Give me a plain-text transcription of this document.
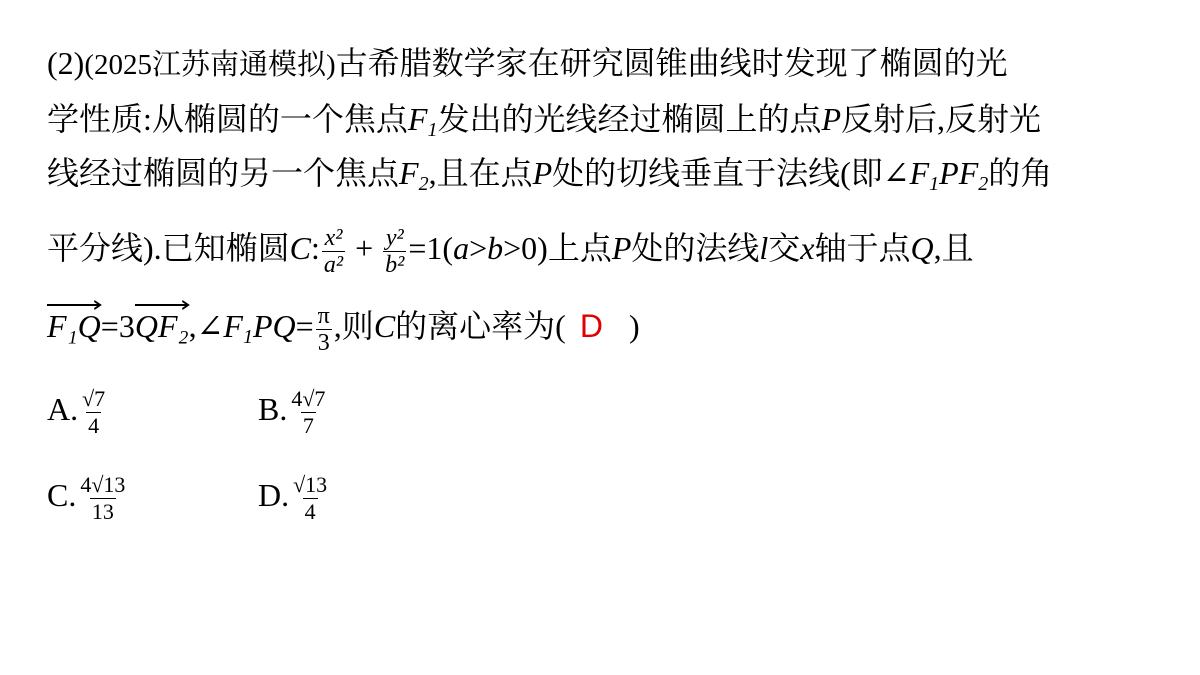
(2)(2025江苏南通模拟)古希腊数学家在研究圆锥曲线时发现了椭圆的光
学性质:从椭圆的一个焦点$F_1$发出的光线经过椭圆上的点P反射后,反射光
线经过椭圆的另一个焦点$F_2$,且在点P处的切线垂直于法线(即$\angle F_1PF_2$的角
平分线).已知椭圆C: $\frac{\text{x²}}{\text{a²}} + \frac{\text{y²}}{\text{b²}} =1(a>b>0)$上点P处的法线l交x轴于点Q,且
F₁Q=3
$QF_2,\angle F_1PQ= \frac{\pi}{3}$ ,则C的离心率为( D )
A. $\frac{√7}{4}$	B. $\frac{4√7}{7}$
C. $\frac{4√13}{13}$	D. $\frac{√13}{4}$
